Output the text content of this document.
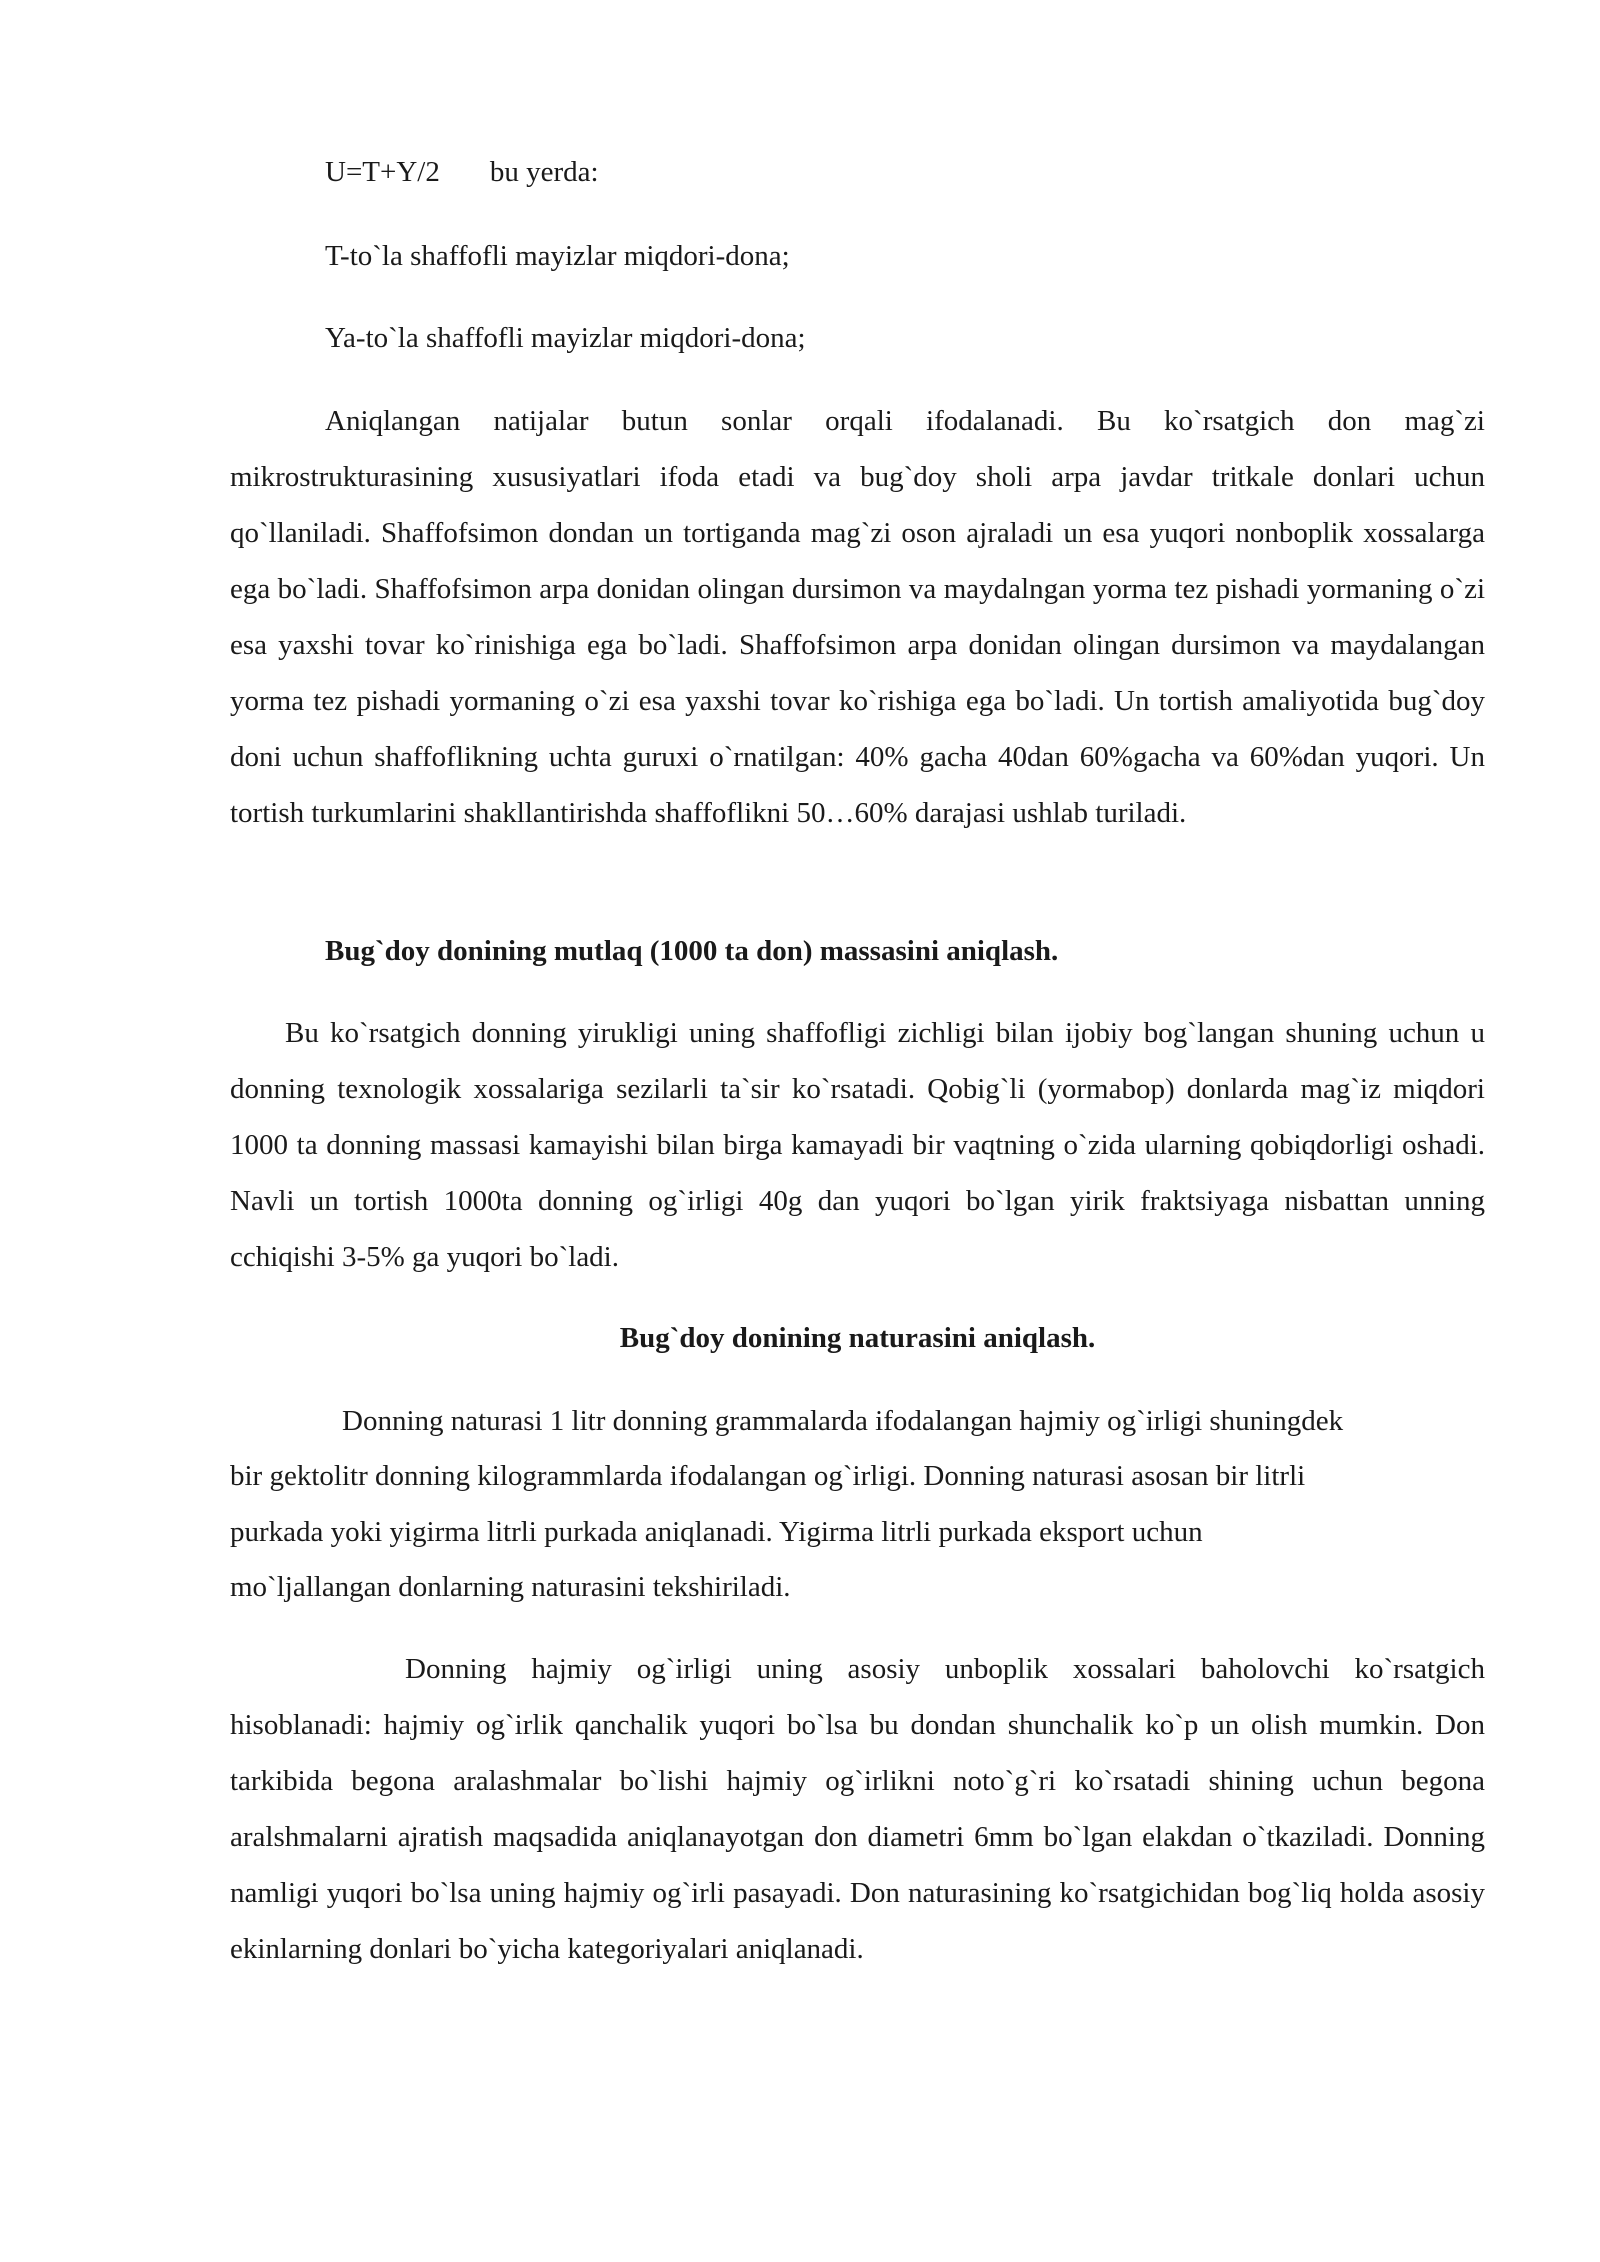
U=T+Y/2 bu yerda:
T-to`la shaffofli mayizlar miqdori-dona;
Ya-to`la shaffofli mayizlar miqdori-dona;

Aniqlangan natijalar butun sonlar orqali ifodalanadi. Bu ko`rsatgich don mag`zi mikrostrukturasining xususiyatlari ifoda etadi va bug`doy sholi arpa javdar tritkale donlari uchun qo`llaniladi. Shaffofsimon dondan un tortiganda mag`zi oson ajraladi un esa yuqori nonboplik xossalarga ega bo`ladi. Shaffofsimon arpa donidan olingan dursimon va maydalngan yorma tez pishadi yormaning o`zi esa yaxshi tovar ko`rinishiga ega bo`ladi. Shaffofsimon arpa donidan olingan dursimon va maydalangan yorma tez pishadi yormaning o`zi esa yaxshi tovar ko`rishiga ega bo`ladi. Un tortish amaliyotida bug`doy doni uchun shaffoflikning uchta guruxi o`rnatilgan: 40% gacha 40dan 60%gacha va 60%dan yuqori. Un tortish turkumlarini shakllantirishda shaffoflikni 50…60% darajasi ushlab turiladi.

Bug`doy donining mutlaq (1000 ta don) massasini aniqlash.

Bu ko`rsatgich donning yirukligi uning shaffofligi zichligi bilan ijobiy bog`langan shuning uchun u donning texnologik xossalariga sezilarli ta`sir ko`rsatadi. Qobig`li (yormabop) donlarda mag`iz miqdori 1000 ta donning massasi kamayishi bilan birga kamayadi bir vaqtning o`zida ularning qobiqdorligi oshadi. Navli un tortish 1000ta donning og`irligi 40g dan yuqori bo`lgan yirik fraktsiyaga nisbattan unning cchiqishi 3-5% ga yuqori bo`ladi.

Bug`doy donining naturasini aniqlash.
Donning naturasi 1 litr donning grammalarda ifodalangan hajmiy og`irligi shuningdek
bir gektolitr donning kilogrammlarda ifodalangan og`irligi. Donning naturasi asosan bir litrli
purkada yoki yigirma litrli purkada aniqlanadi. Yigirma litrli purkada eksport uchun
mo`ljallangan donlarning naturasini tekshiriladi.

Donning hajmiy og`irligi uning asosiy unboplik xossalari baholovchi ko`rsatgich hisoblanadi: hajmiy og`irlik qanchalik yuqori bo`lsa bu dondan shunchalik ko`p un olish mumkin. Don tarkibida begona aralashmalar bo`lishi hajmiy og`irlikni noto`g`ri ko`rsatadi shining uchun begona aralshmalarni ajratish maqsadida aniqlanayotgan don diametri 6mm bo`lgan elakdan o`tkaziladi. Donning namligi yuqori bo`lsa uning hajmiy og`irli pasayadi. Don naturasining ko`rsatgichidan bog`liq holda asosiy ekinlarning donlari bo`yicha kategoriyalari aniqlanadi.
